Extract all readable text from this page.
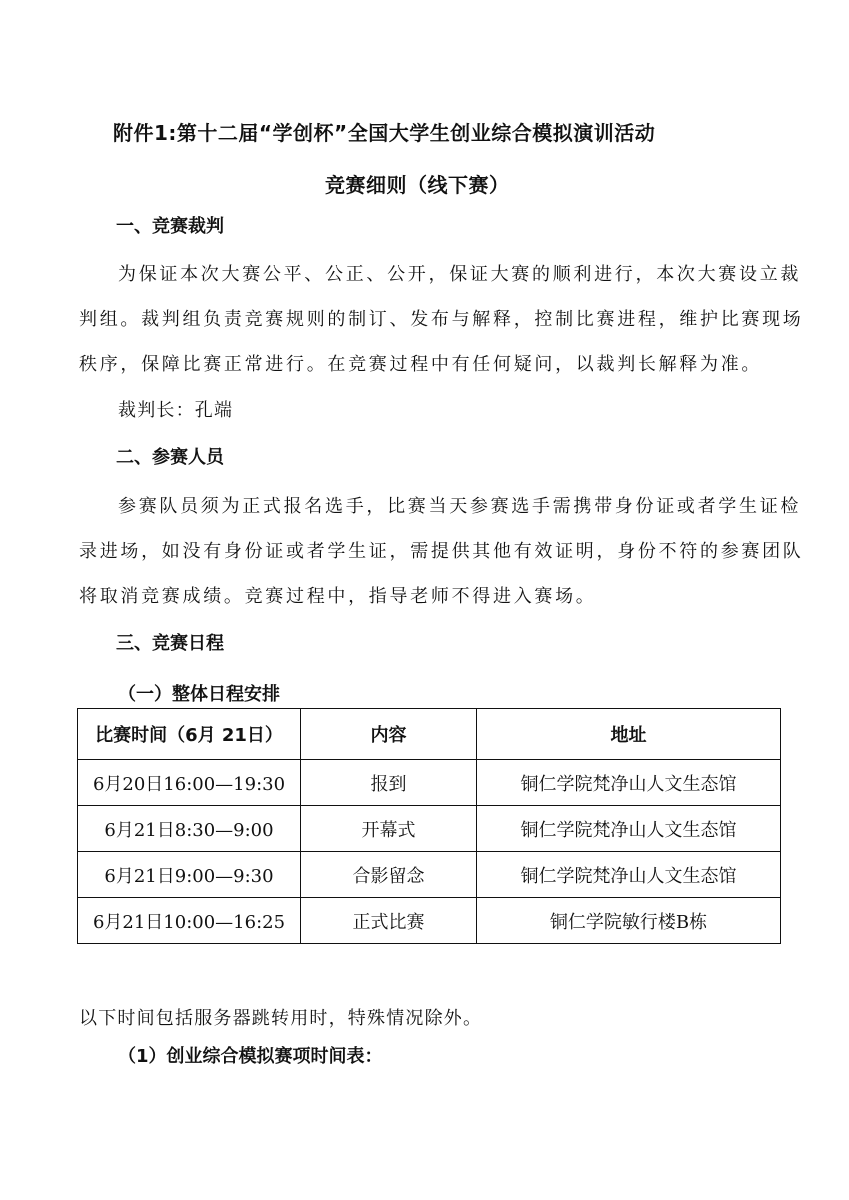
附件1:第十二届“学创杯”全国大学生创业综合模拟演训活动
竞赛细则（线下赛）
一、竞赛裁判
为保证本次大赛公平、公正、公开，保证大赛的顺利进行，本次大赛设立裁
判组。裁判组负责竞赛规则的制订、发布与解释，控制比赛进程，维护比赛现场
秩序，保障比赛正常进行。在竞赛过程中有任何疑问，以裁判长解释为准。
裁判长：孔端
二、参赛人员
参赛队员须为正式报名选手，比赛当天参赛选手需携带身份证或者学生证检
录进场，如没有身份证或者学生证，需提供其他有效证明，身份不符的参赛团队
将取消竞赛成绩。竞赛过程中，指导老师不得进入赛场。
三、竞赛日程
（一）整体日程安排
比赛时间（6月 21日）	内容	地址
6月20日16:00—19:30	报到	铜仁学院梵净山人文生态馆
6月21日8:30—9:00	开幕式	铜仁学院梵净山人文生态馆
6月21日9:00—9:30	合影留念	铜仁学院梵净山人文生态馆
6月21日10:00—16:25	正式比赛	铜仁学院敏行楼B栋
以下时间包括服务器跳转用时，特殊情况除外。
（1）创业综合模拟赛项时间表：
